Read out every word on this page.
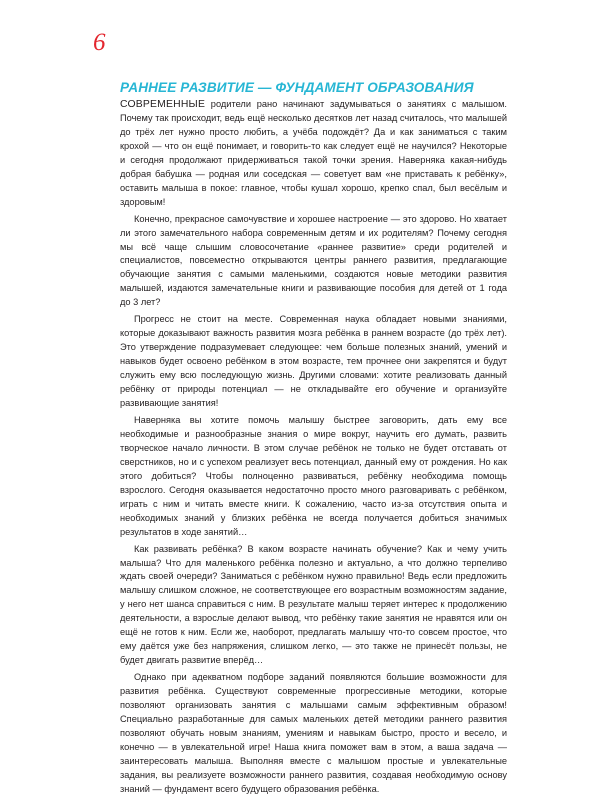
6
РАННЕЕ РАЗВИТИЕ — ФУНДАМЕНТ ОБРАЗОВАНИЯ

СОВРЕМЕННЫЕ родители рано начинают задумываться о занятиях с малышом. Почему так происходит, ведь ещё несколько десятков лет назад считалось, что малышей до трёх лет нужно просто любить, а учёба подождёт? Да и как заниматься с таким крохой — что он ещё понимает, и говорить-то как следует ещё не научился? Некоторые и сегодня продолжают придерживаться такой точки зрения. Наверняка какая-нибудь добрая бабушка — родная или соседская — советует вам «не приставать к ребёнку», оставить малыша в покое: главное, чтобы кушал хорошо, крепко спал, был весёлым и здоровым!

Конечно, прекрасное самочувствие и хорошее настроение — это здорово. Но хватает ли этого замечательного набора современным детям и их родителям? Почему сегодня мы всё чаще слышим словосочетание «раннее развитие» среди родителей и специалистов, повсеместно открываются центры раннего развития, предлагающие обучающие занятия с самыми маленькими, создаются новые методики развития малышей, издаются замечательные книги и развивающие пособия для детей от 1 года до 3 лет?

Прогресс не стоит на месте. Современная наука обладает новыми знаниями, которые доказывают важность развития мозга ребёнка в раннем возрасте (до трёх лет). Это утверждение подразумевает следующее: чем больше полезных знаний, умений и навыков будет освоено ребёнком в этом возрасте, тем прочнее они закрепятся и будут служить ему всю последующую жизнь. Другими словами: хотите реализовать данный ребёнку от природы потенциал — не откладывайте его обучение и организуйте развивающие занятия!

Наверняка вы хотите помочь малышу быстрее заговорить, дать ему все необходимые и разнообразные знания о мире вокруг, научить его думать, развить творческое начало личности. В этом случае ребёнок не только не будет отставать от сверстников, но и с успехом реализует весь потенциал, данный ему от рождения. Но как этого добиться? Чтобы полноценно развиваться, ребёнку необходима помощь взрослого. Сегодня оказывается недостаточно просто много разговаривать с ребёнком, играть с ним и читать вместе книги. К сожалению, часто из-за отсутствия опыта и необходимых знаний у близких ребёнка не всегда получается добиться значимых результатов в ходе занятий…

Как развивать ребёнка? В каком возрасте начинать обучение? Как и чему учить малыша? Что для маленького ребёнка полезно и актуально, а что должно терпеливо ждать своей очереди? Заниматься с ребёнком нужно правильно! Ведь если предложить малышу слишком сложное, не соответствующее его возрастным возможностям задание, у него нет шанса справиться с ним. В результате малыш теряет интерес к продолжению деятельности, а взрослые делают вывод, что ребёнку такие занятия не нравятся или он ещё не готов к ним. Если же, наоборот, предлагать малышу что-то совсем простое, что ему даётся уже без напряжения, слишком легко, — это также не принесёт пользы, не будет двигать развитие вперёд…

Однако при адекватном подборе заданий появляются большие возможности для развития ребёнка. Существуют современные прогрессивные методики, которые позволяют организовать занятия с малышами самым эффективным образом! Специально разработанные для самых маленьких детей методики раннего развития позволяют обучать новым знаниям, умениям и навыкам быстро, просто и весело, и конечно — в увлекательной игре! Наша книга поможет вам в этом, а ваша задача — заинтересовать малыша. Выполняя вместе с малышом простые и увлекательные задания, вы реализуете возможности раннего развития, создавая необходимую основу знаний — фундамент всего будущего образования ребёнка.
